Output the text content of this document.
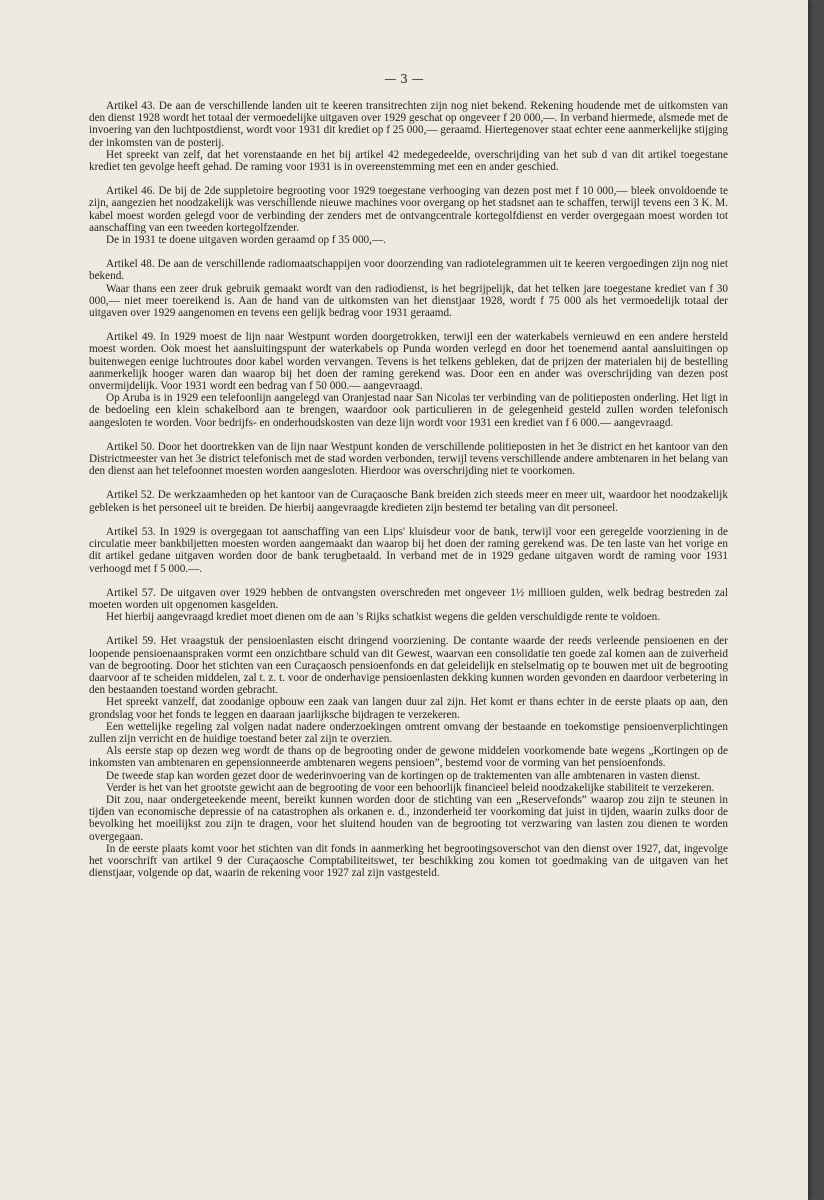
— 3 —

Artikel 43. De aan de verschillende landen uit te keeren transitrechten zijn nog niet bekend. Rekening houdende met de uitkomsten van den dienst 1928 wordt het totaal der vermoedelijke uitgaven over 1929 geschat op ongeveer f 20 000,—. In verband hiermede, alsmede met de invoering van den luchtpostdienst, wordt voor 1931 dit krediet op f 25 000,— geraamd. Hiertegenover staat echter eene aanmerkelijke stijging der inkomsten van de posterij.

Het spreekt van zelf, dat het vorenstaande en het bij artikel 42 medegedeelde, overschrijding van het sub d van dit artikel toegestane krediet ten gevolge heeft gehad. De raming voor 1931 is in overeenstemming met een en ander geschied.

Artikel 46. De bij de 2de suppletoire begrooting voor 1929 toegestane verhooging van dezen post met f 10 000,— bleek onvoldoende te zijn, aangezien het noodzakelijk was verschillende nieuwe machines voor overgang op het stadsnet aan te schaffen, terwijl tevens een 3 K. M. kabel moest worden gelegd voor de verbinding der zenders met de ontvangcentrale kortegolfdienst en verder overgegaan moest worden tot aanschaffing van een tweeden kortegolfzender.

De in 1931 te doene uitgaven worden geraamd op f 35 000,—.

Artikel 48. De aan de verschillende radiomaatschappijen voor doorzending van radiotelegrammen uit te keeren vergoedingen zijn nog niet bekend.

Waar thans een zeer druk gebruik gemaakt wordt van den radiodienst, is het begrijpelijk, dat het telken jare toegestane krediet van f 30 000,— niet meer toereikend is. Aan de hand van de uitkomsten van het dienstjaar 1928, wordt f 75 000 als het vermoedelijk totaal der uitgaven over 1929 aangenomen en tevens een gelijk bedrag voor 1931 geraamd.

Artikel 49. In 1929 moest de lijn naar Westpunt worden doorgetrokken, terwijl een der waterkabels vernieuwd en een andere hersteld moest worden. Ook moest het aansluitingspunt der waterkabels op Punda worden verlegd en door het toenemend aantal aansluitingen op buitenwegen eenige luchtroutes door kabel worden vervangen. Tevens is het telkens gebleken, dat de prijzen der materialen bij de bestelling aanmerkelijk hooger waren dan waarop bij het doen der raming gerekend was. Door een en ander was overschrijding van dezen post onvermijdelijk. Voor 1931 wordt een bedrag van f 50 000.— aangevraagd.

Op Aruba is in 1929 een telefoonlijn aangelegd van Oranjestad naar San Nicolas ter verbinding van de politieposten onderling. Het ligt in de bedoeling een klein schakelbord aan te brengen, waardoor ook particulieren in de gelegenheid gesteld zullen worden telefonisch aangesloten te worden. Voor bedrijfs- en onderhoudskosten van deze lijn wordt voor 1931 een krediet van f 6 000.— aangevraagd.

Artikel 50. Door het doortrekken van de lijn naar Westpunt konden de verschillende politieposten in het 3e district en het kantoor van den Districtmeester van het 3e district telefonisch met de stad worden verbonden, terwijl tevens verschillende andere ambtenaren in het belang van den dienst aan het telefoonnet moesten worden aangesloten. Hierdoor was overschrijding niet te voorkomen.

Artikel 52. De werkzaamheden op het kantoor van de Curaçaosche Bank breiden zich steeds meer en meer uit, waardoor het noodzakelijk gebleken is het personeel uit te breiden. De hierbij aangevraagde kredieten zijn bestemd ter betaling van dit personeel.

Artikel 53. In 1929 is overgegaan tot aanschaffing van een Lips' kluisdeur voor de bank, terwijl voor een geregelde voorziening in de circulatie meer bankbiljetten moesten worden aangemaakt dan waarop bij het doen der raming gerekend was. De ten laste van het vorige en dit artikel gedane uitgaven worden door de bank terugbetaald. In verband met de in 1929 gedane uitgaven wordt de raming voor 1931 verhoogd met f 5 000.—.

Artikel 57. De uitgaven over 1929 hebben de ontvangsten overschreden met ongeveer 1½ millioen gulden, welk bedrag bestreden zal moeten worden uit opgenomen kasgelden.

Het hierbij aangevraagd krediet moet dienen om de aan 's Rijks schatkist wegens die gelden verschuldigde rente te voldoen.

Artikel 59. Het vraagstuk der pensioenlasten eischt dringend voorziening. De contante waarde der reeds verleende pensioenen en der loopende pensioenaanspraken vormt een onzichtbare schuld van dit Gewest, waarvan een consolidatie ten goede zal komen aan de zuiverheid van de begrooting. Door het stichten van een Curaçaosch pensioenfonds en dat geleidelijk en stelselmatig op te bouwen met uit de begrooting daarvoor af te scheiden middelen, zal t. z. t. voor de onderhavige pensioenlasten dekking kunnen worden gevonden en daardoor verbetering in den bestaanden toestand worden gebracht.

Het spreekt vanzelf, dat zoodanige opbouw een zaak van langen duur zal zijn. Het komt er thans echter in de eerste plaats op aan, den grondslag voor het fonds te leggen en daaraan jaarlijksche bijdragen te verzekeren.

Een wettelijke regeling zal volgen nadat nadere onderzoekingen omtrent omvang der bestaande en toekomstige pensioenverplichtingen zullen zijn verricht en de huidige toestand beter zal zijn te overzien.

Als eerste stap op dezen weg wordt de thans op de begrooting onder de gewone middelen voorkomende bate wegens „Kortingen op de inkomsten van ambtenaren en gepensionneerde ambtenaren wegens pensioen”, bestemd voor de vorming van het pensioenfonds.

De tweede stap kan worden gezet door de wederinvoering van de kortingen op de traktementen van alle ambtenaren in vasten dienst.

Verder is het van het grootste gewicht aan de begrooting de voor een behoorlijk financieel beleid noodzakelijke stabiliteit te verzekeren.

Dit zou, naar ondergeteekende meent, bereikt kunnen worden door de stichting van een „Reservefonds” waarop zou zijn te steunen in tijden van economische depressie of na catastrophen als orkanen e. d., inzonderheid ter voorkoming dat juist in tijden, waarin zulks door de bevolking het moeilijkst zou zijn te dragen, voor het sluitend houden van de begrooting tot verzwaring van lasten zou dienen te worden overgegaan.

In de eerste plaats komt voor het stichten van dit fonds in aanmerking het begrootingsoverschot van den dienst over 1927, dat, ingevolge het voorschrift van artikel 9 der Curaçaosche Comptabiliteitswet, ter beschikking zou komen tot goedmaking van de uitgaven van het dienstjaar, volgende op dat, waarin de rekening voor 1927 zal zijn vastgesteld.
